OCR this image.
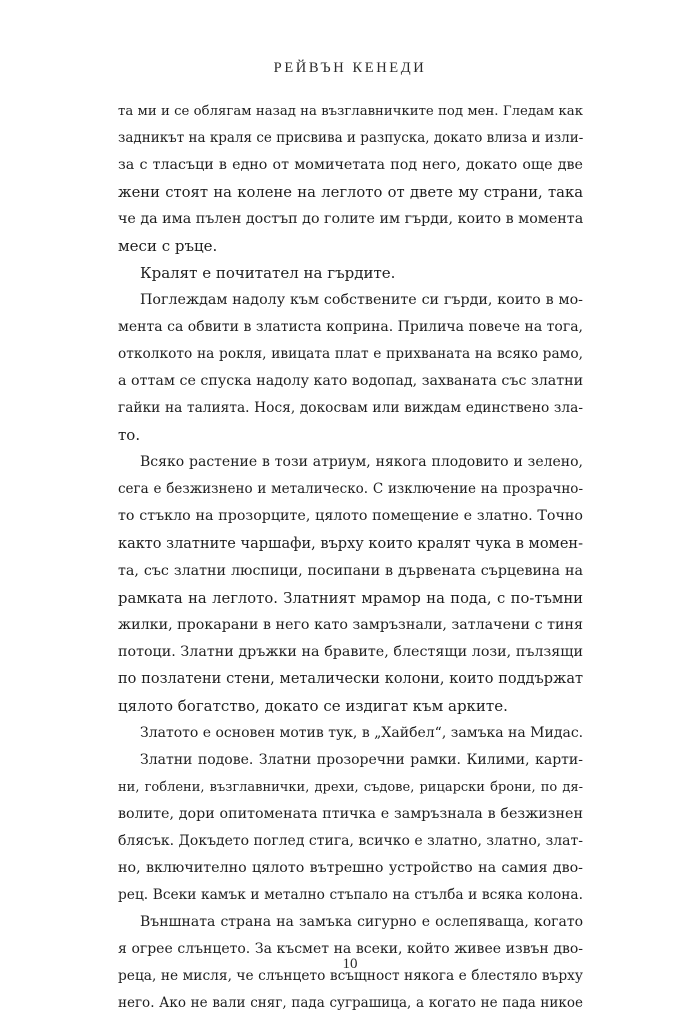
РЕЙВЪН КЕНЕДИ
та ми и се облягам назад на възглавничките под мен. Гледам как
задникът на краля се присвива и разпуска, докато влиза и изли-
за с тласъци в едно от момичетата под него, докато още две
жени стоят на колене на леглото от двете му страни, така
че да има пълен достъп до голите им гърди, които в момента
меси с ръце.
Кралят е почитател на гърдите.
Поглеждам надолу към собствените си гърди, които в мо-
мента са обвити в златиста коприна. Прилича повече на тога,
отколкото на рокля, ивицата плат е прихваната на всяко рамо,
а оттам се спуска надолу като водопад, захваната със златни
гайки на талията. Нося, докосвам или виждам единствено зла-
то.
Всяко растение в този атриум, някога плодовито и зелено,
сега е безжизнено и металическо. С изключение на прозрачно-
то стъкло на прозорците, цялото помещение е златно. Точно
както златните чаршафи, върху които кралят чука в момен-
та, със златни люспици, посипани в дървената сърцевина на
рамката на леглото. Златният мрамор на пода, с по-тъмни
жилки, прокарани в него като замръзнали, затлачени с тиня
потоци. Златни дръжки на бравите, блестящи лози, пълзящи
по позлатени стени, металически колони, които поддържат
цялото богатство, докато се издигат към арките.
Златото е основен мотив тук, в „Хайбел“, замъка на Мидас.
Златни подове. Златни прозоречни рамки. Килими, карти-
ни, гоблени, възглавнички, дрехи, съдове, рицарски брони, по дя-
волите, дори опитомената птичка е замръзнала в безжизнен
блясък. Докъдето поглед стига, всичко е златно, златно, злат-
но, включително цялото вътрешно устройство на самия дво-
рец. Всеки камък и метално стъпало на стълба и всяка колона.
Външната страна на замъка сигурно е ослепяваща, когато
я огрее слънцето. За късмет на всеки, който живее извън дво-
реца, не мисля, че слънцето всъщност някога е блестяло върху
него. Ако не вали сняг, пада суграшица, а когато не пада никое
10
